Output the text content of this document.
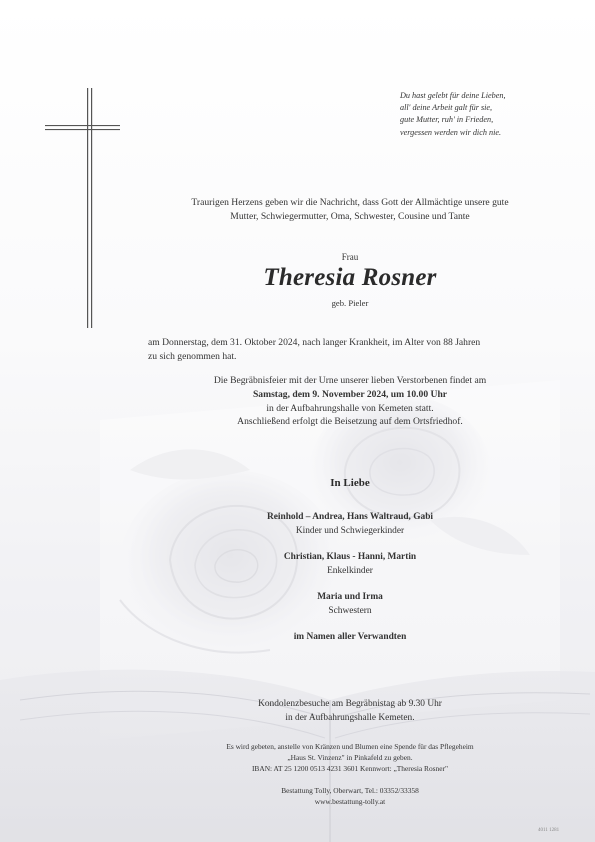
Du hast gelebt für deine Lieben,
all' deine Arbeit galt für sie,
gute Mutter, ruh' in Frieden,
vergessen werden wir dich nie.
Traurigen Herzens geben wir die Nachricht, dass Gott der Allmächtige unsere gute
Mutter, Schwiegermutter, Oma, Schwester, Cousine und Tante
Frau
Theresia Rosner
geb. Pieler
am Donnerstag, dem 31. Oktober 2024, nach langer Krankheit, im Alter von 88 Jahren
zu sich genommen hat.
Die Begräbnisfeier mit der Urne unserer lieben Verstorbenen findet am
Samstag, dem 9. November 2024, um 10.00 Uhr
in der Aufbahrungshalle von Kemeten statt.
Anschließend erfolgt die Beisetzung auf dem Ortsfriedhof.
In Liebe
Reinhold – Andrea, Hans Waltraud, Gabi
Kinder und Schwiegerkinder
Christian, Klaus - Hanni, Martin
Enkelkinder
Maria und Irma
Schwestern
im Namen aller Verwandten
Kondolenzbesuche am Begräbnistag ab 9.30 Uhr
in der Aufbahrungshalle Kemeten.
Es wird gebeten, anstelle von Kränzen und Blumen eine Spende für das Pflegeheim
„Haus St. Vinzenz" in Pinkafeld zu geben.
IBAN: AT 25 1200 0513 4231 3601 Kennwort: „Theresia Rosner"
Bestattung Tolly, Oberwart, Tel.: 03352/33358
www.bestattung-tolly.at
4011 1281
